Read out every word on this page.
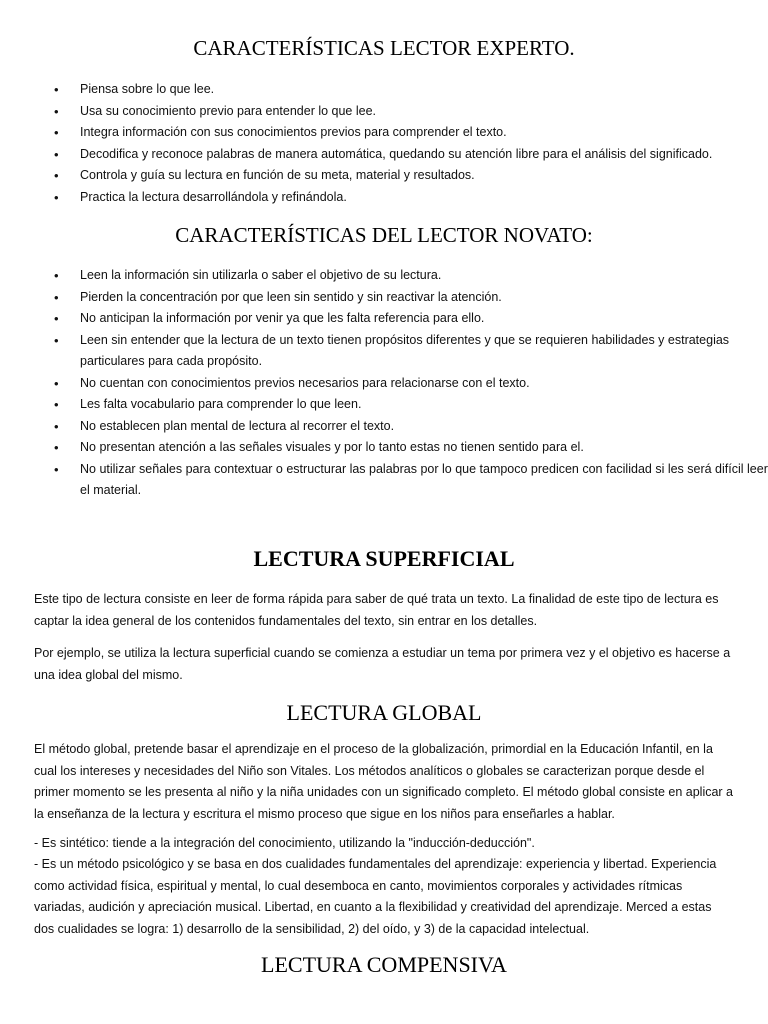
CARACTERÍSTICAS LECTOR EXPERTO.
• Piensa sobre lo que lee.
• Usa su conocimiento previo para entender lo que lee.
• Integra información con sus conocimientos previos para comprender el texto.
• Decodifica y reconoce palabras de manera automática, quedando su atención libre para el análisis del significado.
• Controla y guía su lectura en función de su meta, material y resultados.
• Practica la lectura desarrollándola y refinándola.
CARACTERÍSTICAS DEL LECTOR NOVATO:
• Leen la información sin utilizarla o saber el objetivo de su lectura.
• Pierden la concentración por que leen sin sentido y sin reactivar la atención.
• No anticipan la información por venir ya que les falta referencia para ello.
• Leen sin entender que la lectura de un texto tienen propósitos diferentes y que se requieren habilidades y estrategias particulares para cada propósito.
• No cuentan con conocimientos previos necesarios para relacionarse con el texto.
• Les falta vocabulario para comprender lo que leen.
• No establecen plan mental de lectura al recorrer el texto.
• No presentan atención a las señales visuales y por lo tanto estas no tienen sentido para el.
• No utilizar señales para contextuar o estructurar las palabras por lo que tampoco predicen con facilidad si les será difícil leer el material.
LECTURA SUPERFICIAL

Este tipo de lectura consiste en leer de forma rápida para saber de qué trata un texto. La finalidad de este tipo de lectura es captar la idea general de los contenidos fundamentales del texto, sin entrar en los detalles.

Por ejemplo, se utiliza la lectura superficial cuando se comienza a estudiar un tema por primera vez y el objetivo es hacerse a una idea global del mismo.

LECTURA GLOBAL

El método global, pretende basar el aprendizaje en el proceso de la globalización, primordial en la Educación Infantil, en la cual los intereses y necesidades del Niño son Vitales. Los métodos analíticos o globales se caracterizan porque desde el primer momento se les presenta al niño y la niña unidades con un significado completo. El método global consiste en aplicar a la enseñanza de la lectura y escritura el mismo proceso que sigue en los niños para enseñarles a hablar.

- Es sintético: tiende a la integración del conocimiento, utilizando la "inducción-deducción".

- Es un método psicológico y se basa en dos cualidades fundamentales del aprendizaje: experiencia y libertad. Experiencia como actividad física, espiritual y mental, lo cual desemboca en canto, movimientos corporales y actividades rítmicas variadas, audición y apreciación musical. Libertad, en cuanto a la flexibilidad y creatividad del aprendizaje. Merced a estas dos cualidades se logra: 1) desarrollo de la sensibilidad, 2) del oído, y 3) de la capacidad intelectual.

LECTURA COMPENSIVA
